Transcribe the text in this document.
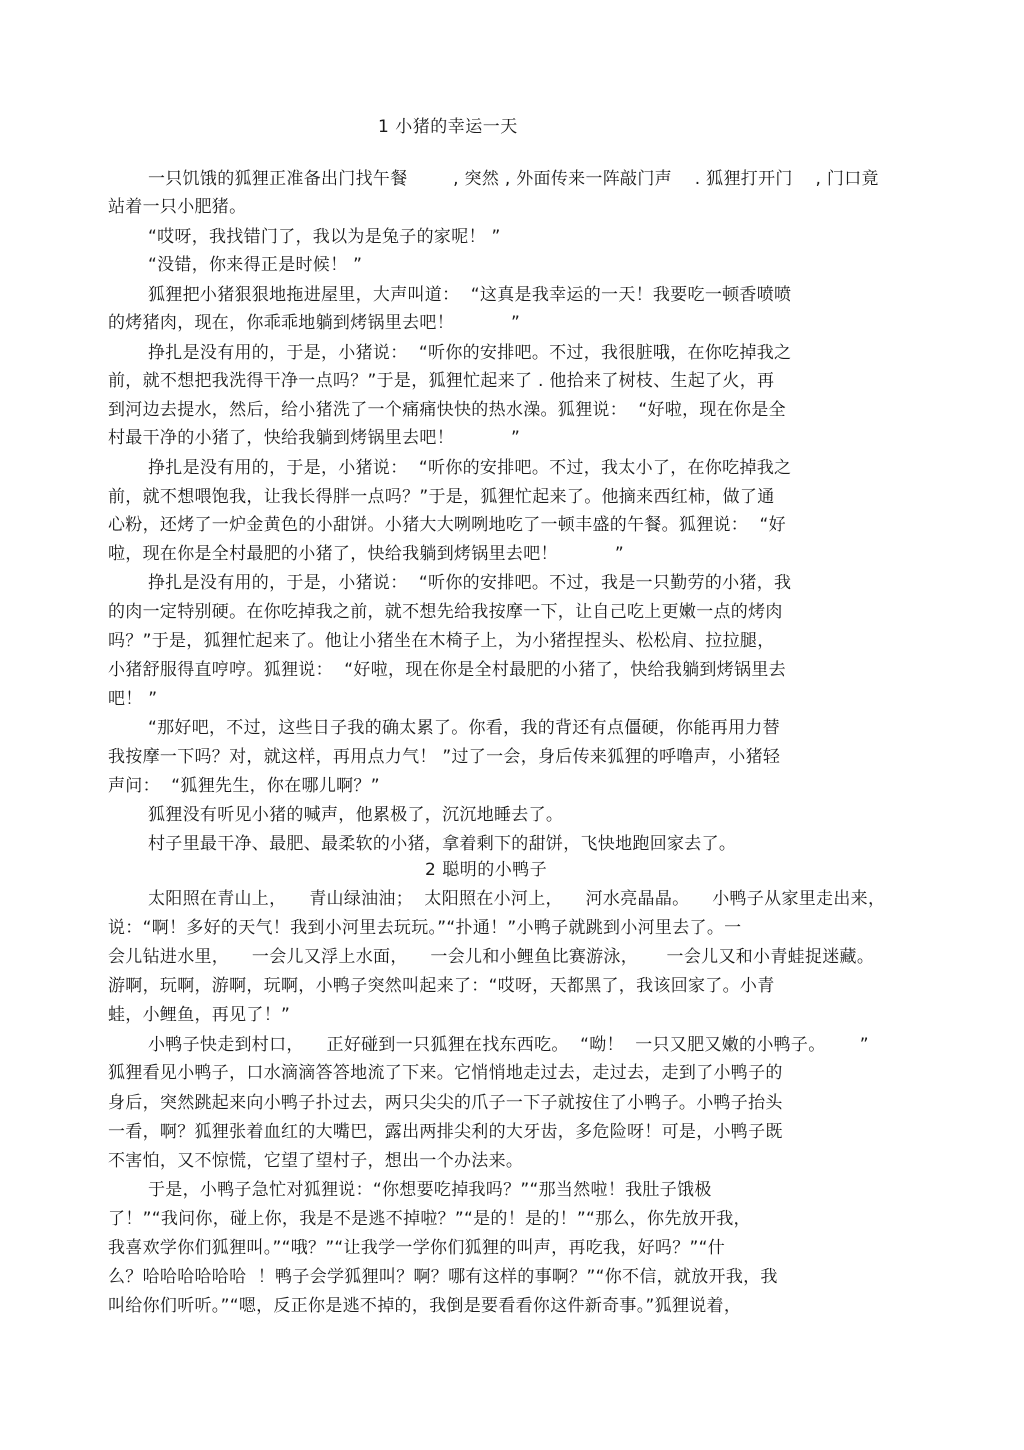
1 小猪的幸运一天
一只饥饿的狐狸正准备出门找午餐        , 突然 , 外面传来一阵敲门声    . 狐狸打开门    , 门口竟
站着一只小肥猪。
“哎呀，我找错门了，我以为是兔子的家呢！ ”
“没错，你来得正是时候！ ”
狐狸把小猪狠狠地拖进屋里，大声叫道：  “这真是我幸运的一天！我要吃一顿香喷喷
的烤猪肉，现在，你乖乖地躺到烤锅里去吧！          ”
挣扎是没有用的，于是，小猪说：  “听你的安排吧。不过，我很脏哦，在你吃掉我之
前，就不想把我洗得干净一点吗？”于是，狐狸忙起来了 . 他拾来了树枝、生起了火，再
到河边去提水，然后，给小猪洗了一个痛痛快快的热水澡。狐狸说：  “好啦，现在你是全
村最干净的小猪了，快给我躺到烤锅里去吧！          ”
挣扎是没有用的，于是，小猪说：  “听你的安排吧。不过，我太小了，在你吃掉我之
前，就不想喂饱我，让我长得胖一点吗？”于是，狐狸忙起来了。他摘来西红柿，做了通
心粉，还烤了一炉金黄色的小甜饼。小猪大大咧咧地吃了一顿丰盛的午餐。狐狸说：  “好
啦，现在你是全村最肥的小猪了，快给我躺到烤锅里去吧！          ”
挣扎是没有用的，于是，小猪说：  “听你的安排吧。不过，我是一只勤劳的小猪，我
的肉一定特别硬。在你吃掉我之前，就不想先给我按摩一下，让自己吃上更嫩一点的烤肉
吗？”于是，狐狸忙起来了。他让小猪坐在木椅子上，为小猪捏捏头、松松肩、拉拉腿，
小猪舒服得直哼哼。狐狸说：  “好啦，现在你是全村最肥的小猪了，快给我躺到烤锅里去
吧！ ”
“那好吧，不过，这些日子我的确太累了。你看，我的背还有点僵硬，你能再用力替
我按摩一下吗？对，就这样，再用点力气！ ”过了一会，身后传来狐狸的呼噜声，小猪轻
声问：  “狐狸先生，你在哪儿啊？”
狐狸没有听见小猪的喊声，他累极了，沉沉地睡去了。
村子里最干净、最肥、最柔软的小猪，拿着剩下的甜饼，飞快地跑回家去了。
2 聪明的小鸭子
太阳照在青山上，    青山绿油油；  太阳照在小河上，    河水亮晶晶。    小鸭子从家里走出来，
说：“啊！多好的天气！我到小河里去玩玩。”“扑通！”小鸭子就跳到小河里去了。一
会儿钻进水里，    一会儿又浮上水面，    一会儿和小鲤鱼比赛游泳，     一会儿又和小青蛙捉迷藏。
游啊，玩啊，游啊，玩啊，小鸭子突然叫起来了：“哎呀，天都黑了，我该回家了。小青
蛙，小鲤鱼，再见了！”
小鸭子快走到村口，    正好碰到一只狐狸在找东西吃。  “呦！  一只又肥又嫩的小鸭子。      ”
狐狸看见小鸭子，口水滴滴答答地流了下来。它悄悄地走过去，走过去，走到了小鸭子的
身后，突然跳起来向小鸭子扑过去，两只尖尖的爪子一下子就按住了小鸭子。小鸭子抬头
一看，啊？狐狸张着血红的大嘴巴，露出两排尖利的大牙齿，多危险呀！可是，小鸭子既
不害怕，又不惊慌，它望了望村子，想出一个办法来。
于是，小鸭子急忙对狐狸说：“你想要吃掉我吗？”“那当然啦！我肚子饿极
了！”“我问你，碰上你，我是不是逃不掉啦？”“是的！是的！”“那么，你先放开我，
我喜欢学你们狐狸叫。”“哦？”“让我学一学你们狐狸的叫声，再吃我，好吗？”“什
么？哈哈哈哈哈哈  ！鸭子会学狐狸叫？啊？哪有这样的事啊？”“你不信，就放开我，我
叫给你们听听。”“嗯，反正你是逃不掉的，我倒是要看看你这件新奇事。”狐狸说着，
